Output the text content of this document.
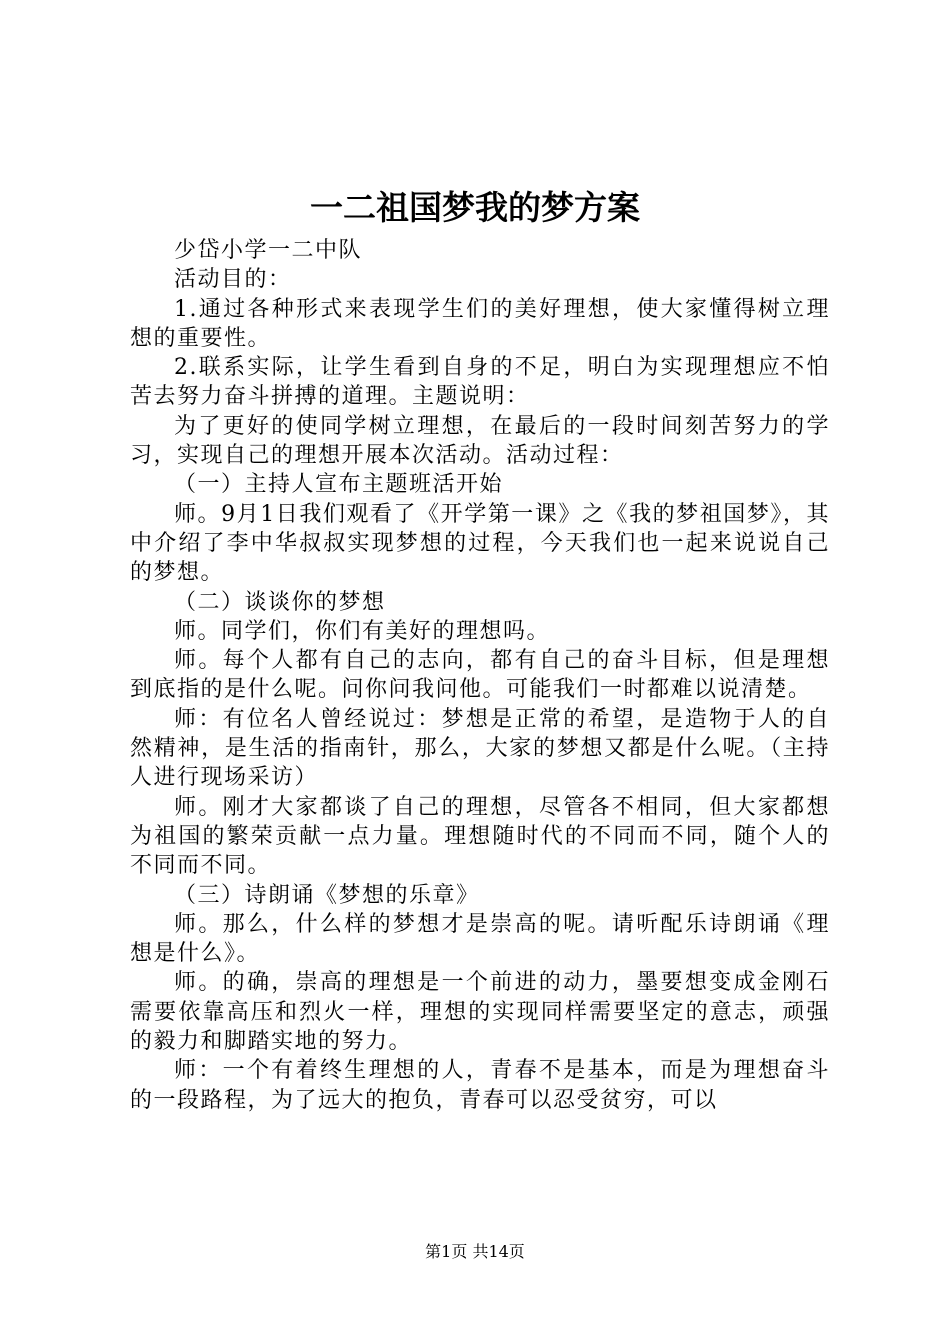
一二祖国梦我的梦方案

少岱小学一二中队

活动目的：

1.通过各种形式来表现学生们的美好理想，使大家懂得树立理想的重要性。

2.联系实际，让学生看到自身的不足，明白为实现理想应不怕苦去努力奋斗拼搏的道理。主题说明：

为了更好的使同学树立理想，在最后的一段时间刻苦努力的学习，实现自己的理想开展本次活动。活动过程：

（一）主持人宣布主题班活开始

师。9月1日我们观看了《开学第一课》之《我的梦祖国梦》，其中介绍了李中华叔叔实现梦想的过程，今天我们也一起来说说自己的梦想。

（二）谈谈你的梦想

师。同学们，你们有美好的理想吗。

师。每个人都有自己的志向，都有自己的奋斗目标，但是理想到底指的是什么呢。问你问我问他。可能我们一时都难以说清楚。

师：有位名人曾经说过：梦想是正常的希望，是造物于人的自然精神，是生活的指南针，那么，大家的梦想又都是什么呢。（主持人进行现场采访）

师。刚才大家都谈了自己的理想，尽管各不相同，但大家都想为祖国的繁荣贡献一点力量。理想随时代的不同而不同，随个人的不同而不同。

（三）诗朗诵《梦想的乐章》

师。那么，什么样的梦想才是崇高的呢。请听配乐诗朗诵《理想是什么》。

师。的确，崇高的理想是一个前进的动力，墨要想变成金刚石需要依靠高压和烈火一样，理想的实现同样需要坚定的意志，顽强的毅力和脚踏实地的努力。

师：一个有着终生理想的人，青春不是基本，而是为理想奋斗的一段路程，为了远大的抱负，青春可以忍受贫穷，可以

第1页 共14页
